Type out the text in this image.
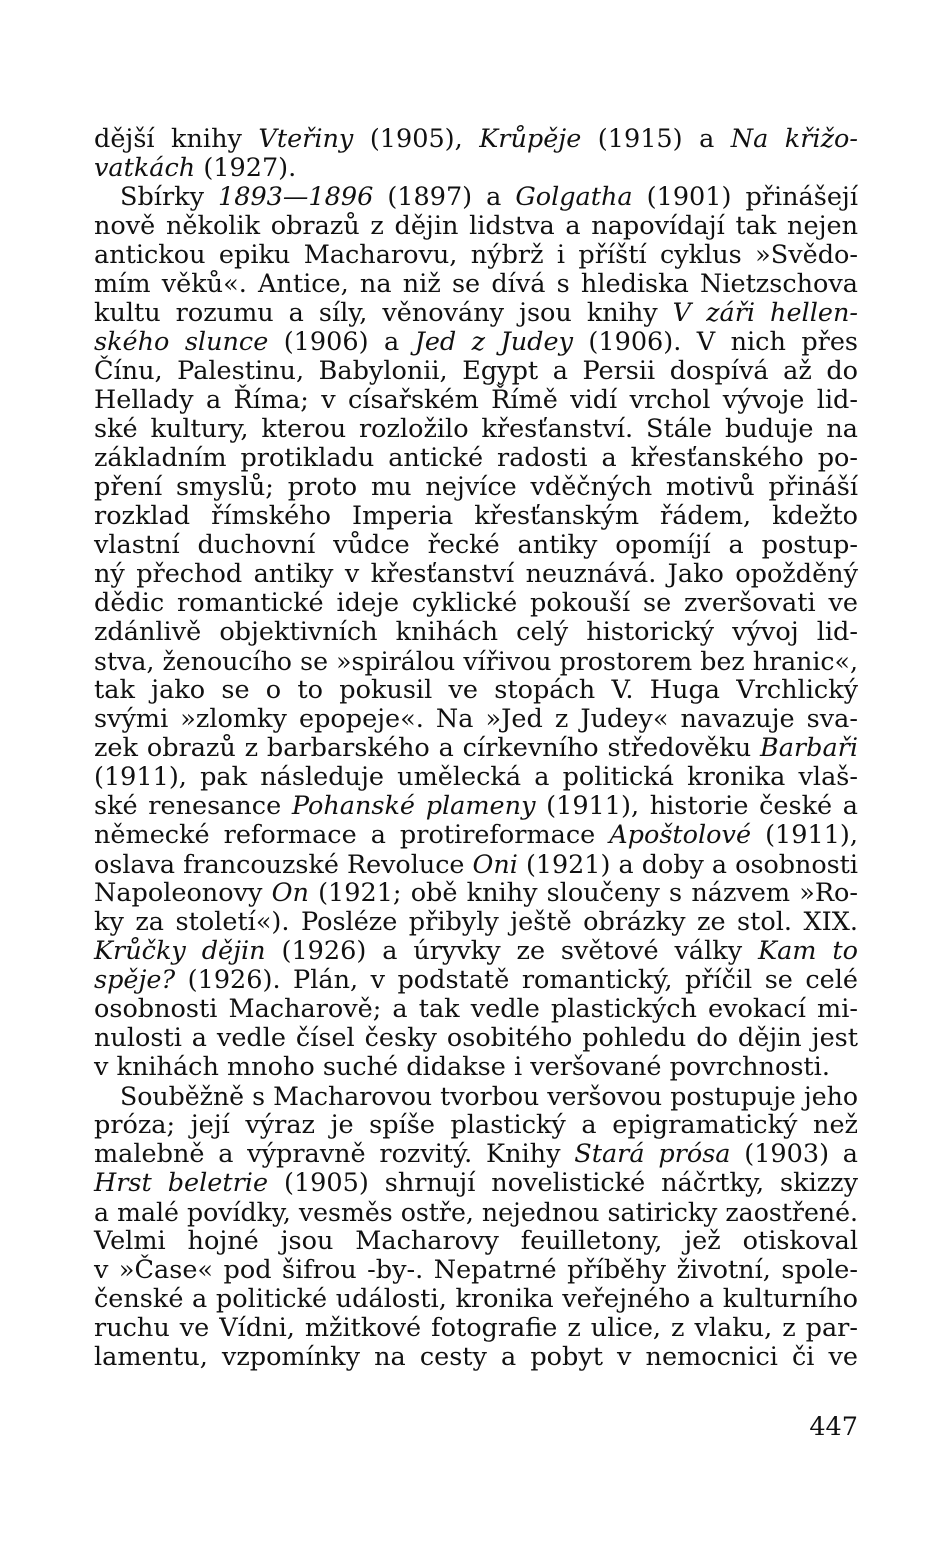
dější knihy Vteřiny (1905), Krůpěje (1915) a Na křižo-
vatkách (1927).
Sbírky 1893—1896 (1897) a Golgatha (1901) přinášejí
nově několik obrazů z dějin lidstva a napovídají tak nejen
antickou epiku Macharovu, nýbrž i příští cyklus »Svědo-
mím věků«. Antice, na niž se dívá s hlediska Nietzschova
kultu rozumu a síly, věnovány jsou knihy V záři hellen-
ského slunce (1906) a Jed z Judey (1906). V nich přes
Čínu, Palestinu, Babylonii, Egypt a Persii dospívá až do
Hellady a Říma; v císařském Římě vidí vrchol vývoje lid-
ské kultury, kterou rozložilo křesťanství. Stále buduje na
základním protikladu antické radosti a křesťanského po-
pření smyslů; proto mu nejvíce vděčných motivů přináší
rozklad římského Imperia křesťanským řádem, kdežto
vlastní duchovní vůdce řecké antiky opomíjí a postup-
ný přechod antiky v křesťanství neuznává. Jako opožděný
dědic romantické ideje cyklické pokouší se zveršovati ve
zdánlivě objektivních knihách celý historický vývoj lid-
stva, ženoucího se »spirálou vířivou prostorem bez hranic«,
tak jako se o to pokusil ve stopách V. Huga Vrchlický
svými »zlomky epopeje«. Na »Jed z Judey« navazuje sva-
zek obrazů z barbarského a církevního středověku Barbaři
(1911), pak následuje umělecká a politická kronika vlaš-
ské renesance Pohanské plameny (1911), historie české a
německé reformace a protireformace Apoštolové (1911),
oslava francouzské Revoluce Oni (1921) a doby a osobnosti
Napoleonovy On (1921; obě knihy sloučeny s názvem »Ro-
ky za století«). Posléze přibyly ještě obrázky ze stol. XIX.
Krůčky dějin (1926) a úryvky ze světové války Kam to
spěje? (1926). Plán, v podstatě romantický, příčil se celé
osobnosti Macharově; a tak vedle plastických evokací mi-
nulosti a vedle čísel česky osobitého pohledu do dějin jest
v knihách mnoho suché didakse i veršované povrchnosti.
Souběžně s Macharovou tvorbou veršovou postupuje jeho
próza; její výraz je spíše plastický a epigramatický než
malebně a výpravně rozvitý. Knihy Stará prósa (1903) a
Hrst beletrie (1905) shrnují novelistické náčrtky, skizzy
a malé povídky, vesměs ostře, nejednou satiricky zaostřené.
Velmi hojné jsou Macharovy feuilletony, jež otiskoval
v »Čase« pod šifrou -by-. Nepatrné příběhy životní, spole-
čenské a politické události, kronika veřejného a kulturního
ruchu ve Vídni, mžitkové fotografie z ulice, z vlaku, z par-
lamentu, vzpomínky na cesty a pobyt v nemocnici či ve
447
